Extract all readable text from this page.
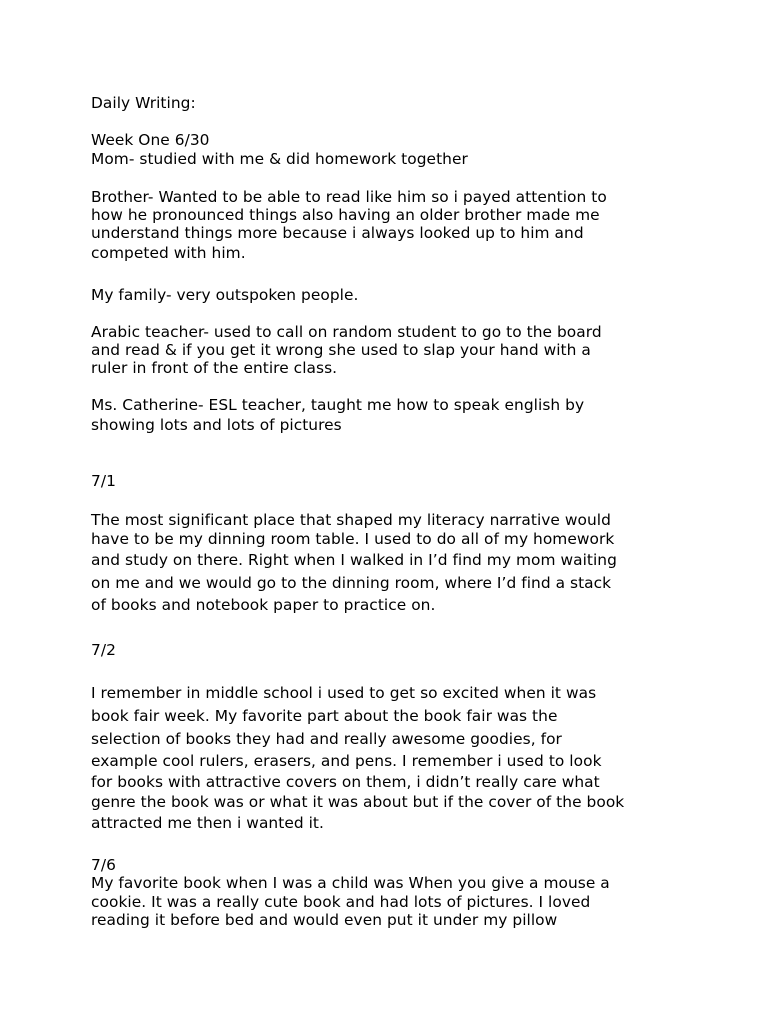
Daily Writing:
Week One 6/30
Mom- studied with me & did homework together
Brother- Wanted to be able to read like him so i payed attention to
how he pronounced things also having an older brother made me
understand things more because i always looked up to him and
competed with him.
My family- very outspoken people.
Arabic teacher- used to call on random student to go to the board
and read & if you get it wrong she used to slap your hand with a
ruler in front of the entire class.
Ms. Catherine- ESL teacher, taught me how to speak english by
showing lots and lots of pictures
7/1
The most significant place that shaped my literacy narrative would
have to be my dinning room table. I used to do all of my homework
and study on there. Right when I walked in I’d find my mom waiting
on me and we would go to the dinning room, where I’d find a stack
of books and notebook paper to practice on.
7/2
I remember in middle school i used to get so excited when it was
book fair week. My favorite part about the book fair was the
selection of books they had and really awesome goodies, for
example cool rulers, erasers, and pens. I remember i used to look
for books with attractive covers on them, i didn’t really care what
genre the book was or what it was about but if the cover of the book
attracted me then i wanted it.
7/6
My favorite book when I was a child was When you give a mouse a
cookie. It was a really cute book and had lots of pictures. I loved
reading it before bed and would even put it under my pillow
